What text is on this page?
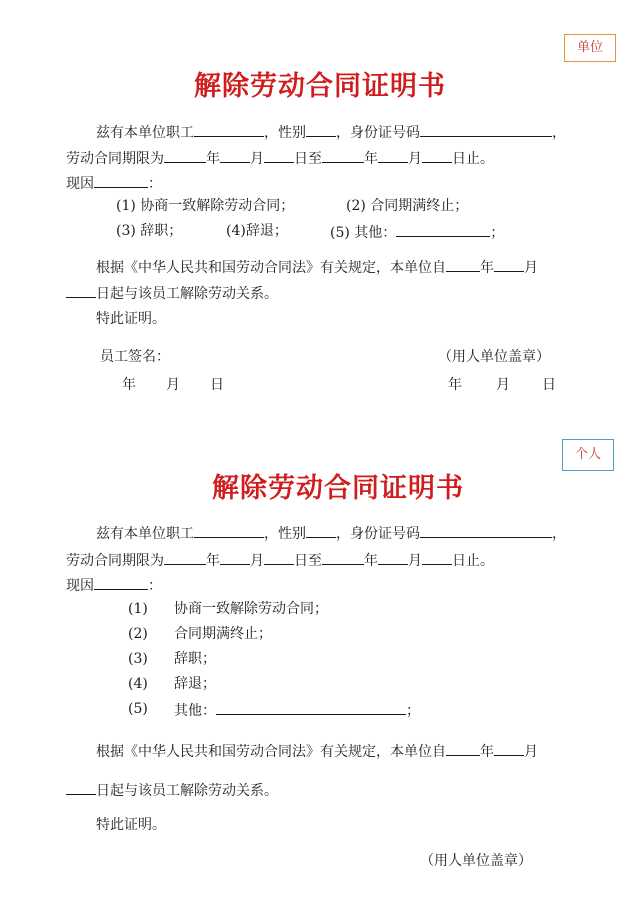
单位
解除劳动合同证明书
兹有本单位职工	，性别 ，身份证号码	，
劳动合同期限为	年 月 日至	年 月 日止。
现因	：
(1) 协商一致解除劳动合同；	(2) 合同期满终止；
(3) 辞职；	(4)辞退；	(5) 其他：	；
根据《中华人民共和国劳动合同法》有关规定，本单位自 年 月
日起与该员工解除劳动关系。
特此证明。
员工签名：	（用人单位盖章）
年 月 日	年 月 日
个人
解除劳动合同证明书
兹有本单位职工	，性别 ，身份证号码	，
劳动合同期限为	年 月 日至	年 月 日止。
现因	：
(1) 协商一致解除劳动合同；
(2) 合同期满终止；
(3) 辞职；
(4) 辞退；
(5) 其他：	；
根据《中华人民共和国劳动合同法》有关规定，本单位自 年 月
日起与该员工解除劳动关系。
特此证明。
（用人单位盖章）
